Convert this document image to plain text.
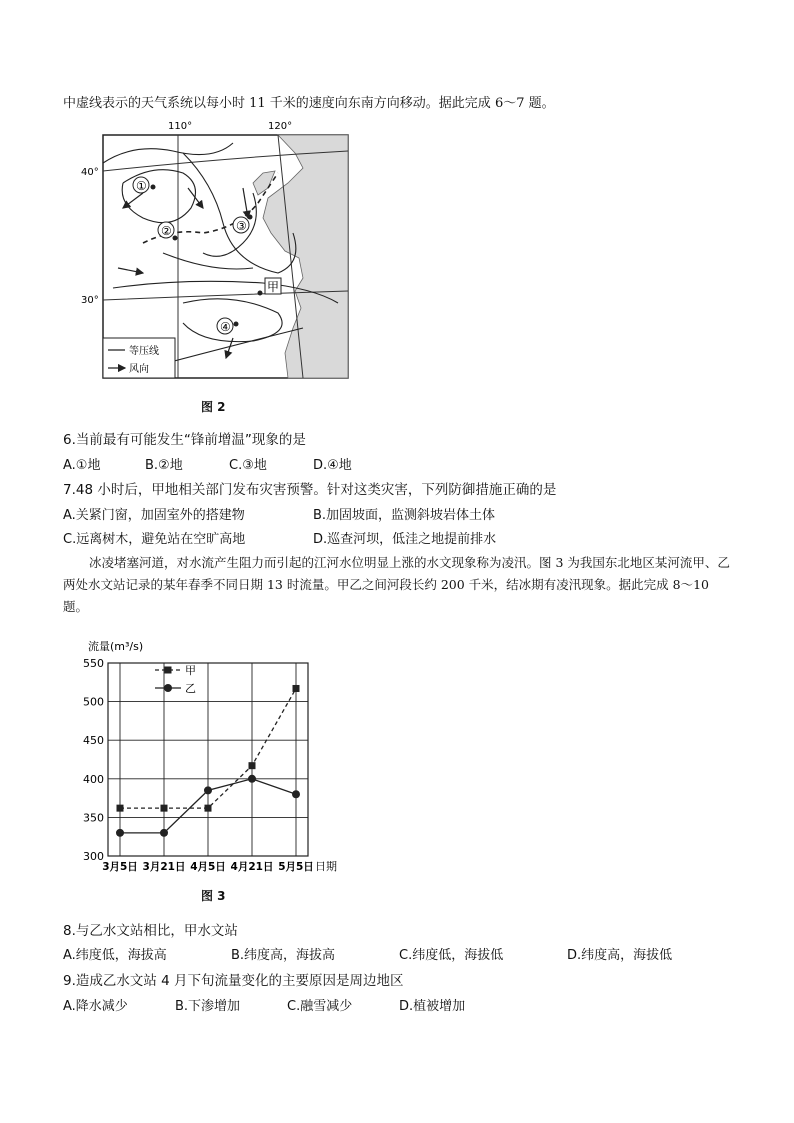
中虚线表示的天气系统以每小时 11 千米的速度向东南方向移动。据此完成 6～7 题。
110°	120°
40°
30°
①
②	③
④
甲
等压线
风向
图 2
6.当前最有可能发生“锋前增温”现象的是
A.①地	B.②地	C.③地	D.④地
7.48 小时后，甲地相关部门发布灾害预警。针对这类灾害，下列防御措施正确的是
A.关紧门窗，加固室外的搭建物	B.加固坡面，监测斜坡岩体土体
C.远离树木，避免站在空旷高地	D.巡查河坝，低洼之地提前排水
冰凌堵塞河道，对水流产生阻力而引起的江河水位明显上涨的水文现象称为凌汛。图 3 为我国东北地区某河流甲、乙两处水文站记录的某年春季不同日期 13 时流量。甲乙之间河段长约 200 千米，结冰期有凌汛现象。据此完成 8～10 题。
流量(m³/s)
日期
300
350
400
450
500
550
3月5日 3月21日 4月5日 4月21日 5月5日
甲
乙
图 3
8.与乙水文站相比，甲水文站
A.纬度低，海拔高	B.纬度高，海拔高	C.纬度低，海拔低	D.纬度高，海拔低
9.造成乙水文站 4 月下旬流量变化的主要原因是周边地区
A.降水减少	B.下渗增加	C.融雪减少	D.植被增加
